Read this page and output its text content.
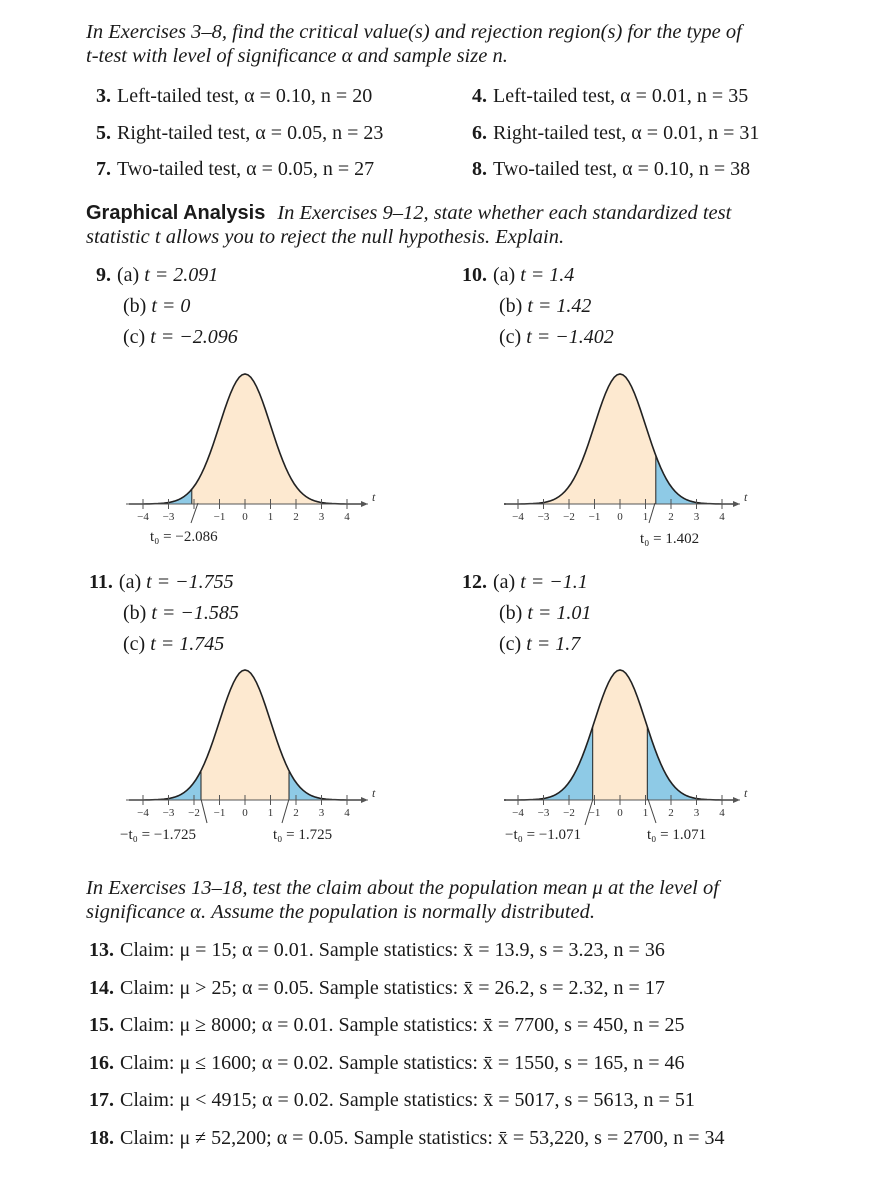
In Exercises 3–8, find the critical value(s) and rejection region(s) for the type of
t-test with level of significance α and sample size n.
3. Left-tailed test, α = 0.10, n = 20	4. Left-tailed test, α = 0.01, n = 35
5. Right-tailed test, α = 0.05, n = 23	6. Right-tailed test, α = 0.01, n = 31
7. Two-tailed test, α = 0.05, n = 27	8. Two-tailed test, α = 0.10, n = 38
Graphical Analysis In Exercises 9–12, state whether each standardized test
statistic t allows you to reject the null hypothesis. Explain.
9. (a) t = 2.091
(b) t = 0
(c) t = −2.096
10. (a) t = 1.4
(b) t = 1.42
(c) t = −1.402
−4 −3	−1 0 1 2 3 4
t
t₀ = −2.086
−4 −3 −2 −1 0 1 2 3 4
t
t₀ = 1.402
11. (a) t = −1.755
(b) t = −1.585
(c) t = 1.745
12. (a) t = −1.1
(b) t = 1.01
(c) t = 1.7
−4 −3 −2 −1 0 1 2 3 4
t
−t₀ = −1.725	t₀ = 1.725
−4 −3 −2 −1 0 1 2 3 4
t
−t₀ = −1.071	t₀ = 1.071
In Exercises 13–18, test the claim about the population mean μ at the level of
significance α. Assume the population is normally distributed.
13. Claim: μ = 15; α = 0.01. Sample statistics: x̄ = 13.9, s = 3.23, n = 36
14. Claim: μ > 25; α = 0.05. Sample statistics: x̄ = 26.2, s = 2.32, n = 17
15. Claim: μ ≥ 8000; α = 0.01. Sample statistics: x̄ = 7700, s = 450, n = 25
16. Claim: μ ≤ 1600; α = 0.02. Sample statistics: x̄ = 1550, s = 165, n = 46
17. Claim: μ < 4915; α = 0.02. Sample statistics: x̄ = 5017, s = 5613, n = 51
18. Claim: μ ≠ 52,200; α = 0.05. Sample statistics: x̄ = 53,220, s = 2700, n = 34
